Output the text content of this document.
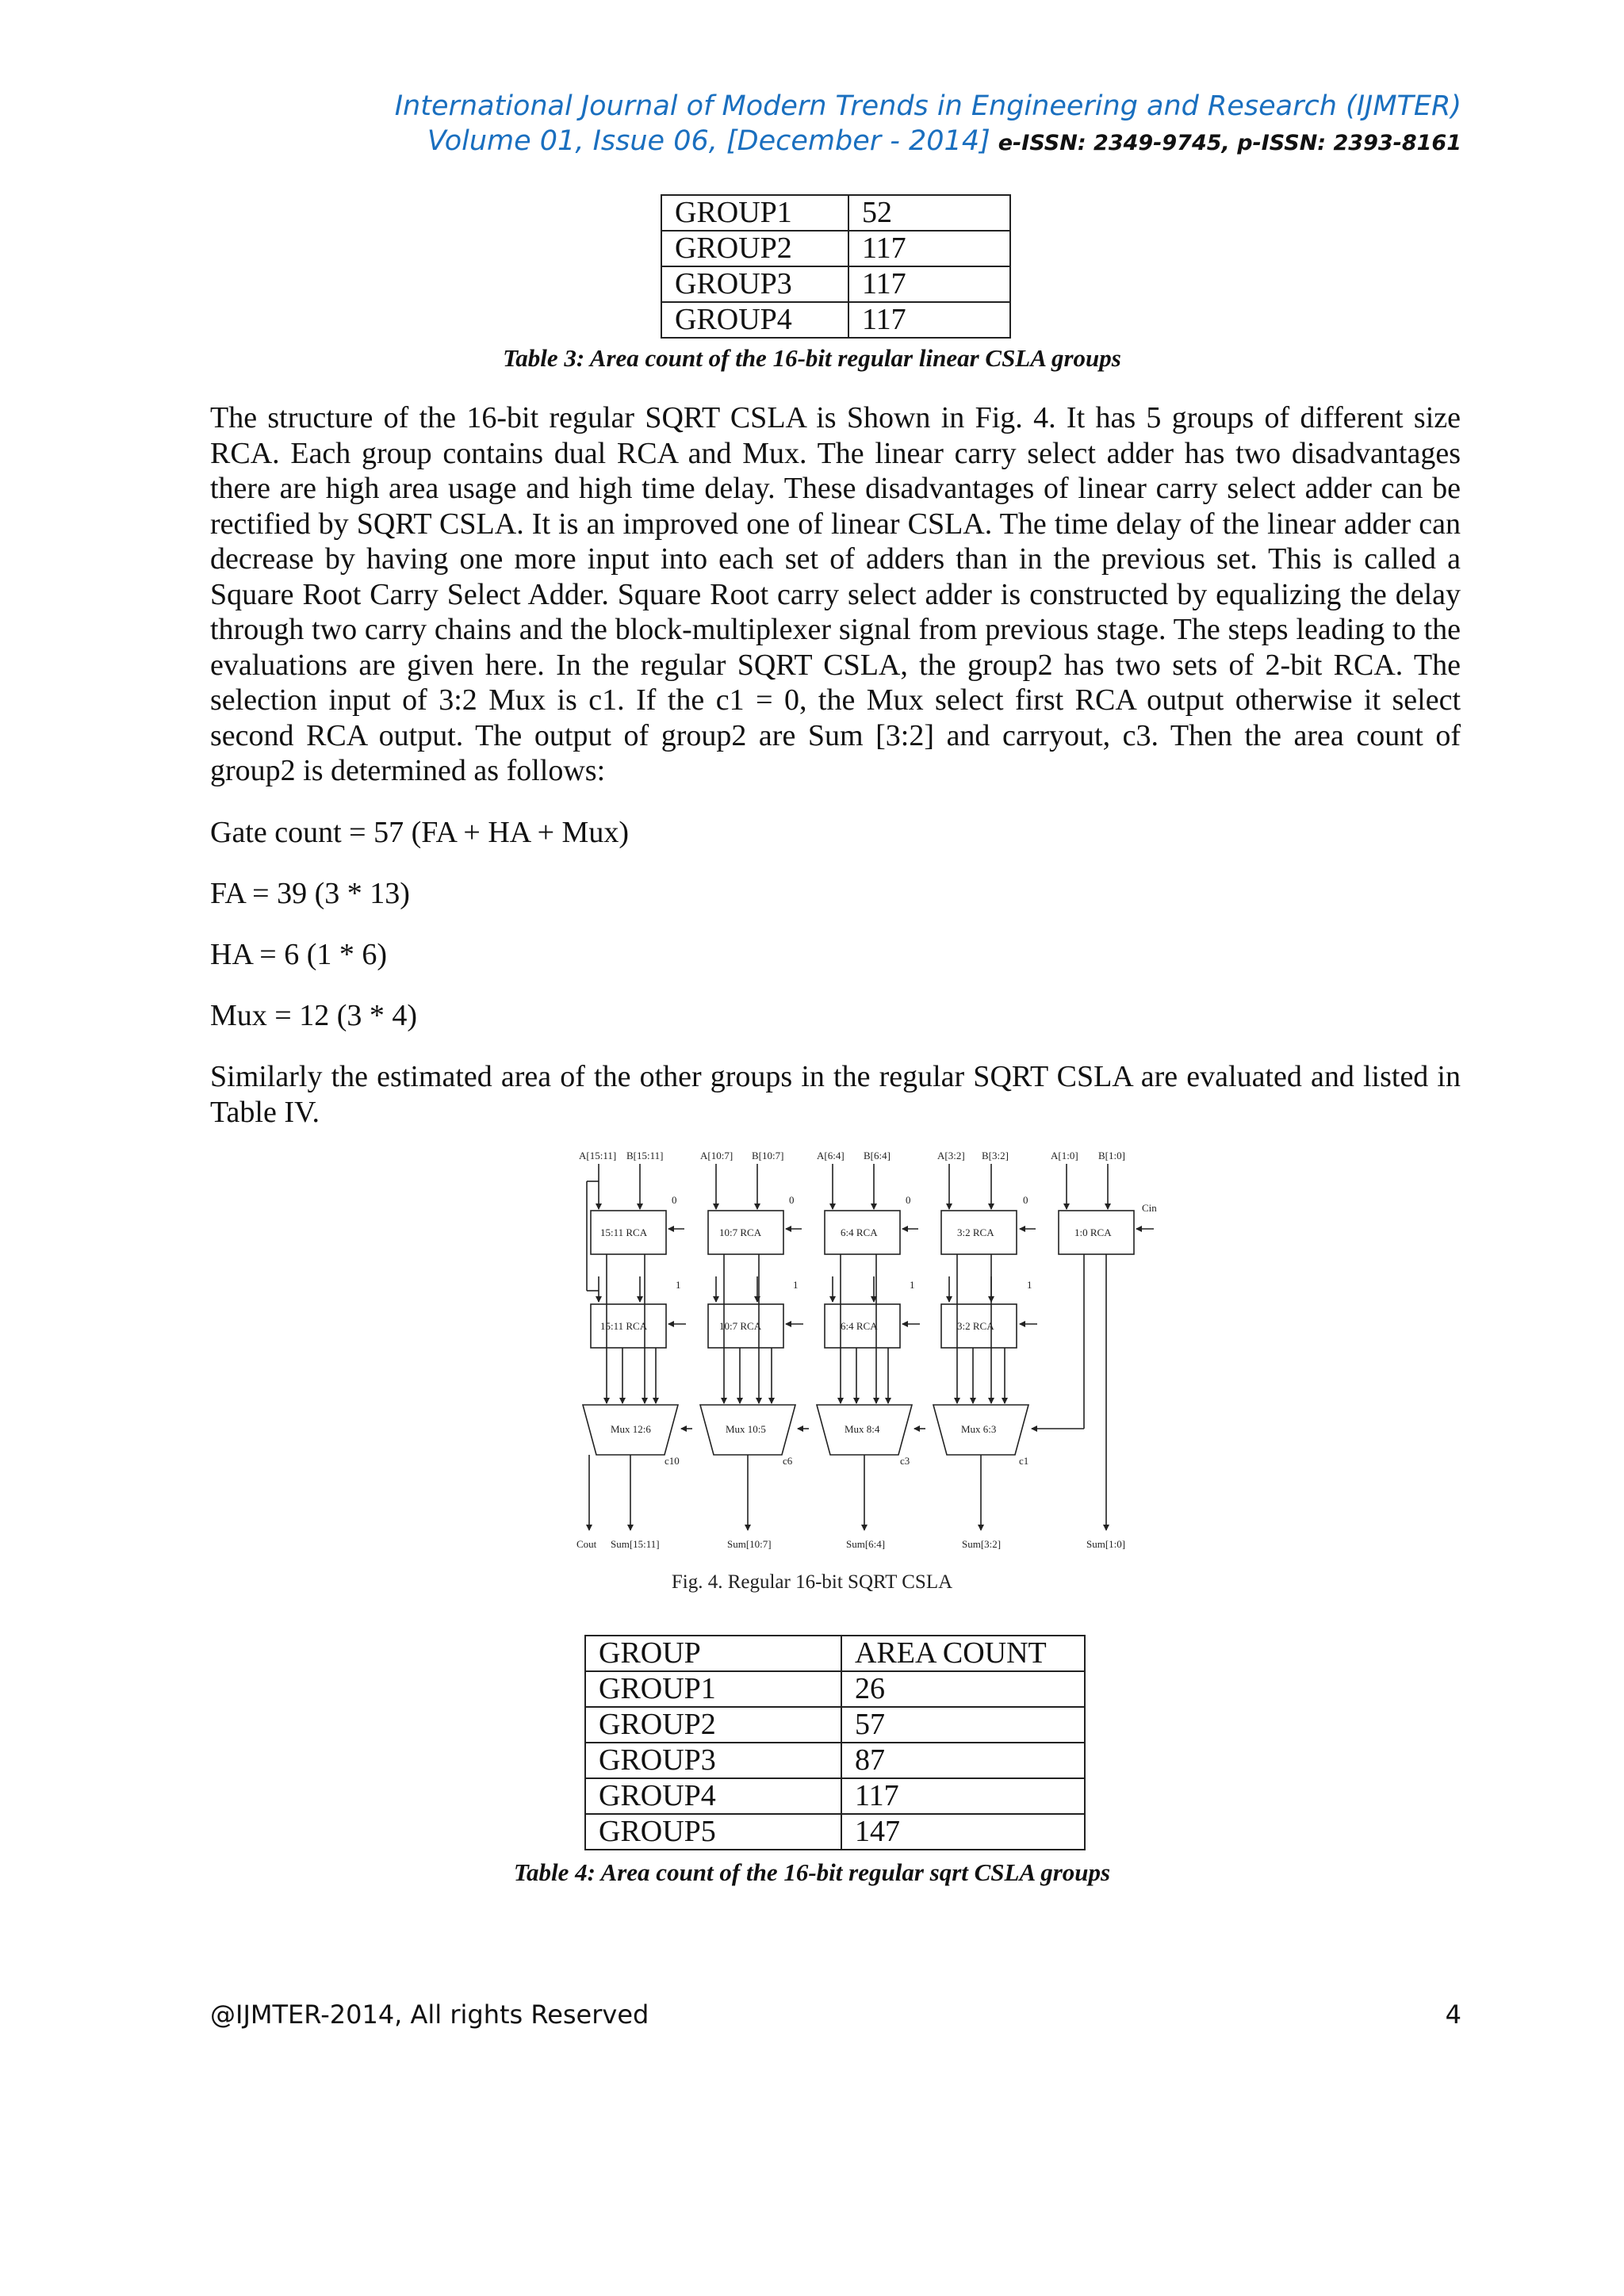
International Journal of Modern Trends in Engineering and Research (IJMTER)
Volume 01, Issue 06, [December - 2014] e-ISSN: 2349-9745, p-ISSN: 2393-8161
GROUP1	52
GROUP2	117
GROUP3	117
GROUP4	117
Table 3: Area count of the 16-bit regular linear CSLA groups

The structure of the 16-bit regular SQRT CSLA is Shown in Fig. 4. It has 5 groups of different size RCA. Each group contains dual RCA and Mux. The linear carry select adder has two disadvantages there are high area usage and high time delay. These disadvantages of linear carry select adder can be rectified by SQRT CSLA. It is an improved one of linear CSLA. The time delay of the linear adder can decrease by having one more input into each set of adders than in the previous set. This is called a Square Root Carry Select Adder. Square Root carry select adder is constructed by equalizing the delay through two carry chains and the block-multiplexer signal from previous stage. The steps leading to the evaluations are given here. In the regular SQRT CSLA, the group2 has two sets of 2-bit RCA. The selection input of 3:2 Mux is c1. If the c1 = 0, the Mux select first RCA output otherwise it select second RCA output. The output of group2 are Sum [3:2] and carryout, c3. Then the area count of group2 is determined as follows:

Gate count = 57 (FA + HA + Mux)

FA = 39 (3 * 13)

HA = 6 (1 * 6)

Mux = 12 (3 * 4)

Similarly the estimated area of the other groups in the regular SQRT CSLA are evaluated and listed in Table IV.

A[15:11] B[15:11]	A[10:7] B[10:7]	A[6:4] B[6:4]	A[3:2] B[3:2]	A[1:0] B[1:0]
15:11 RCA	10:7 RCA	6:4 RCA	3:2 RCA	1:0 RCA
0	0	0	0
Cin
15:11 RCA	10:7 RCA	6:4 RCA	3:2 RCA
1	1	1	1
Mux 12:6	Mux 10:5	Mux 8:4	Mux 6:3
c10	c6	c3	c1
Cout Sum[15:11]	Sum[10:7]	Sum[6:4]	Sum[3:2]	Sum[1:0]
Fig. 4. Regular 16-bit SQRT CSLA
GROUP	AREA COUNT
GROUP1	26
GROUP2	57
GROUP3	87
GROUP4	117
GROUP5	147
Table 4: Area count of the 16-bit regular sqrt CSLA groups
@IJMTER-2014, All rights Reserved	4
